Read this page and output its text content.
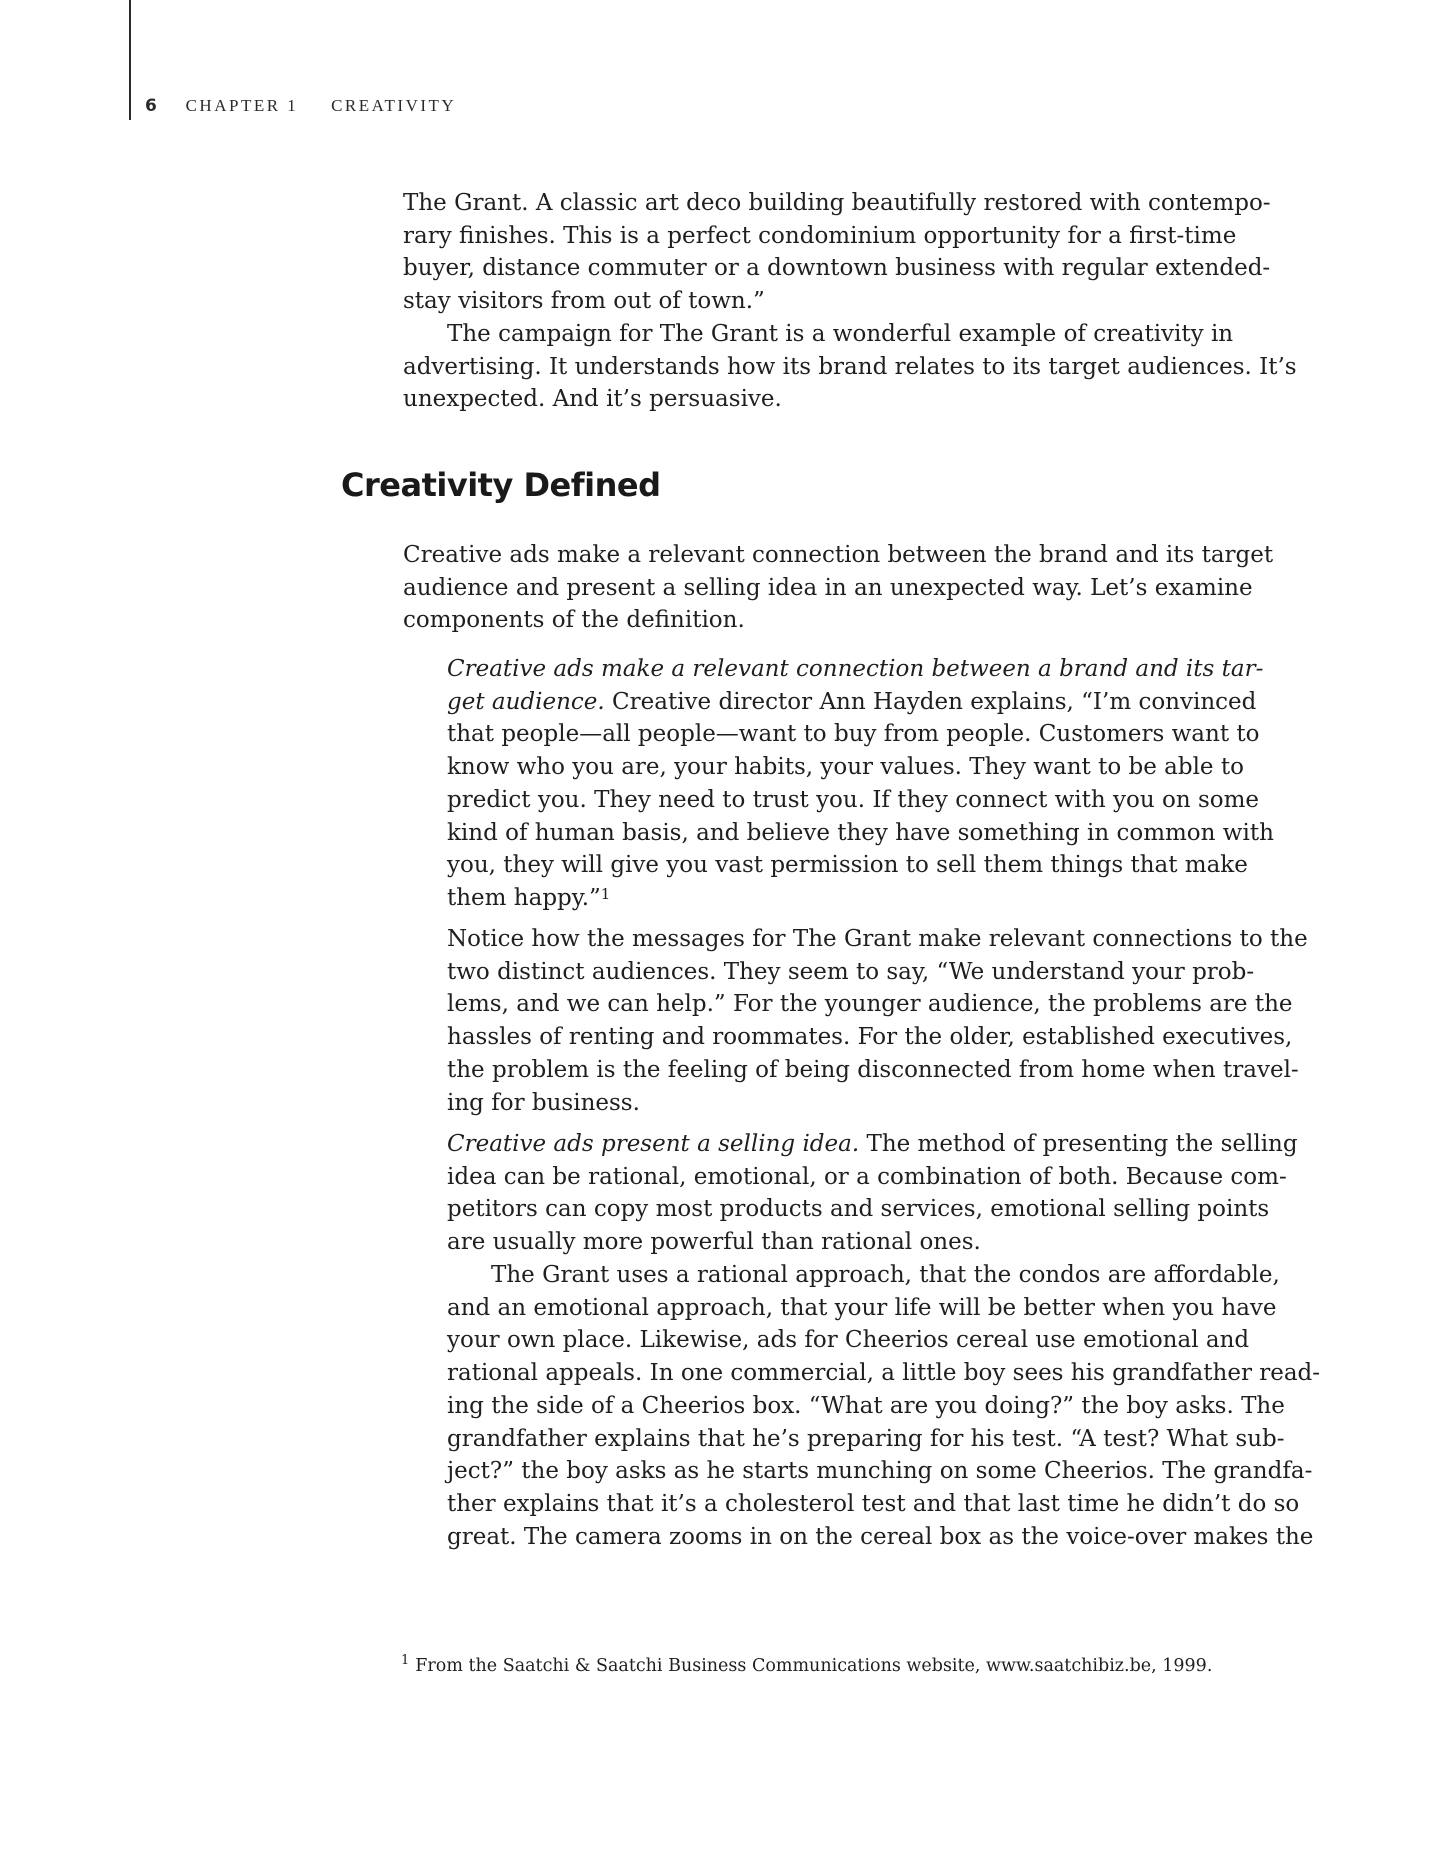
6 CHAPTER 1 CREATIVITY

The Grant. A classic art deco building beautifully restored with contempo-
rary finishes. This is a perfect condominium opportunity for a first-time
buyer, distance commuter or a downtown business with regular extended-
stay visitors from out of town.”

The campaign for The Grant is a wonderful example of creativity in
advertising. It understands how its brand relates to its target audiences. It’s
unexpected. And it’s persuasive.

Creativity Defined

Creative ads make a relevant connection between the brand and its target
audience and present a selling idea in an unexpected way. Let’s examine
components of the definition.

Creative ads make a relevant connection between a brand and its tar-
get audience. Creative director Ann Hayden explains, “I’m convinced
that people—all people—want to buy from people. Customers want to
know who you are, your habits, your values. They want to be able to
predict you. They need to trust you. If they connect with you on some
kind of human basis, and believe they have something in common with
you, they will give you vast permission to sell them things that make
them happy.”$^1$

Notice how the messages for The Grant make relevant connections to the
two distinct audiences. They seem to say, “We understand your prob-
lems, and we can help.” For the younger audience, the problems are the
hassles of renting and roommates. For the older, established executives,
the problem is the feeling of being disconnected from home when travel-
ing for business.

Creative ads present a selling idea. The method of presenting the selling
idea can be rational, emotional, or a combination of both. Because com-
petitors can copy most products and services, emotional selling points
are usually more powerful than rational ones.

The Grant uses a rational approach, that the condos are affordable,
and an emotional approach, that your life will be better when you have
your own place. Likewise, ads for Cheerios cereal use emotional and
rational appeals. In one commercial, a little boy sees his grandfather read-
ing the side of a Cheerios box. “What are you doing?” the boy asks. The
grandfather explains that he’s preparing for his test. “A test? What sub-
ject?” the boy asks as he starts munching on some Cheerios. The grandfa-
ther explains that it’s a cholesterol test and that last time he didn’t do so
great. The camera zooms in on the cereal box as the voice-over makes the

$^1$ From the Saatchi & Saatchi Business Communications website, www.saatchibiz.be, 1999.
